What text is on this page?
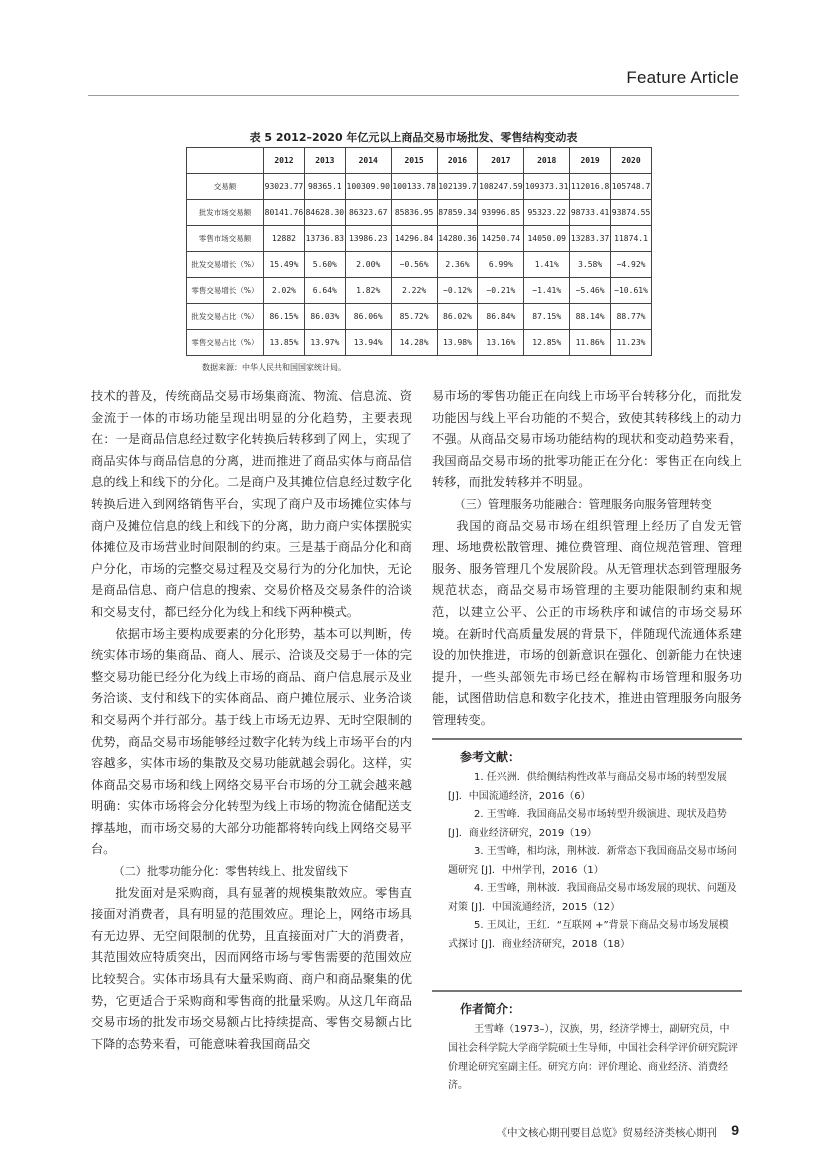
Feature Article
表 5 2012–2020 年亿元以上商品交易市场批发、零售结构变动表
	2012	2013	2014	2015	2016	2017	2018	2019	2020
交易额	93023.77	98365.1	100309.90	100133.78	102139.7	108247.59	109373.31	112016.8	105748.7
批发市场交易额	80141.76	84628.30	86323.67	85836.95	87859.34	93996.85	95323.22	98733.41	93874.55
零售市场交易额	12882	13736.83	13986.23	14296.84	14280.36	14250.74	14050.09	13283.37	11874.1
批发交易增长（%）	15.49%	5.60%	2.00%	−0.56%	2.36%	6.99%	1.41%	3.58%	−4.92%
零售交易增长（%）	2.02%	6.64%	1.82%	2.22%	−0.12%	−0.21%	−1.41%	−5.46%	−10.61%
批发交易占比（%）	86.15%	86.03%	86.06%	85.72%	86.02%	86.84%	87.15%	88.14%	88.77%
零售交易占比（%）	13.85%	13.97%	13.94%	14.28%	13.98%	13.16%	12.85%	11.86%	11.23%
数据来源：中华人民共和国国家统计局。

技术的普及，传统商品交易市场集商流、物流、信息流、资金流于一体的市场功能呈现出明显的分化趋势，主要表现在：一是商品信息经过数字化转换后转移到了网上，实现了商品实体与商品信息的分离，进而推进了商品实体与商品信息的线上和线下的分化。二是商户及其摊位信息经过数字化转换后进入到网络销售平台，实现了商户及市场摊位实体与商户及摊位信息的线上和线下的分离，助力商户实体摆脱实体摊位及市场营业时间限制的约束。三是基于商品分化和商户分化，市场的完整交易过程及交易行为的分化加快，无论是商品信息、商户信息的搜索、交易价格及交易条件的洽谈和交易支付，都已经分化为线上和线下两种模式。

依据市场主要构成要素的分化形势，基本可以判断，传统实体市场的集商品、商人、展示、洽谈及交易于一体的完整交易功能已经分化为线上市场的商品、商户信息展示及业务洽谈、支付和线下的实体商品、商户摊位展示、业务洽谈和交易两个并行部分。基于线上市场无边界、无时空限制的优势，商品交易市场能够经过数字化转为线上市场平台的内容越多，实体市场的集散及交易功能就越会弱化。这样，实体商品交易市场和线上网络交易平台市场的分工就会越来越明确：实体市场将会分化转型为线上市场的物流仓储配送支撑基地，而市场交易的大部分功能都将转向线上网络交易平台。

（二）批零功能分化：零售转线上、批发留线下

批发面对是采购商，具有显著的规模集散效应。零售直接面对消费者，具有明显的范围效应。理论上，网络市场具有无边界、无空间限制的优势，且直接面对广大的消费者，其范围效应特质突出，因而网络市场与零售需要的范围效应比较契合。实体市场具有大量采购商、商户和商品聚集的优势，它更适合于采购商和零售商的批量采购。从这几年商品交易市场的批发市场交易额占比持续提高、零售交易额占比下降的态势来看，可能意味着我国商品交

易市场的零售功能正在向线上市场平台转移分化，而批发功能因与线上平台功能的不契合，致使其转移线上的动力不强。从商品交易市场功能结构的现状和变动趋势来看，我国商品交易市场的批零功能正在分化：零售正在向线上转移，而批发转移并不明显。

（三）管理服务功能融合：管理服务向服务管理转变

我国的商品交易市场在组织管理上经历了自发无管理、场地费松散管理、摊位费管理、商位规范管理、管理服务、服务管理几个发展阶段。从无管理状态到管理服务规范状态，商品交易市场管理的主要功能限制约束和规范，以建立公平、公正的市场秩序和诚信的市场交易环境。在新时代高质量发展的背景下，伴随现代流通体系建设的加快推进，市场的创新意识在强化、创新能力在快速提升，一些头部领先市场已经在解构市场管理和服务功能，试图借助信息和数字化技术，推进由管理服务向服务管理转变。

参考文献：
1. 任兴洲．供给侧结构性改革与商品交易市场的转型发展 [J]．中国流通经济，2016（6）
2. 王雪峰．我国商品交易市场转型升级演进、现状及趋势 [J]．商业经济研究，2019（19）
3. 王雪峰，相均泳，荆林波．新常态下我国商品交易市场问题研究 [J]．中州学刊，2016（1）
4. 王雪峰，荆林波．我国商品交易市场发展的现状、问题及对策 [J]．中国流通经济，2015（12）
5. 王凤让，王红．“互联网 +”背景下商品交易市场发展模式探讨 [J]．商业经济研究，2018（18）
作者简介：
王雪峰（1973–），汉族，男，经济学博士，副研究员，中国社会科学院大学商学院硕士生导师，中国社会科学评价研究院评价理论研究室副主任。研究方向：评价理论、商业经济、消费经济。
《中文核心期刊要目总览》贸易经济类核心期刊 9
